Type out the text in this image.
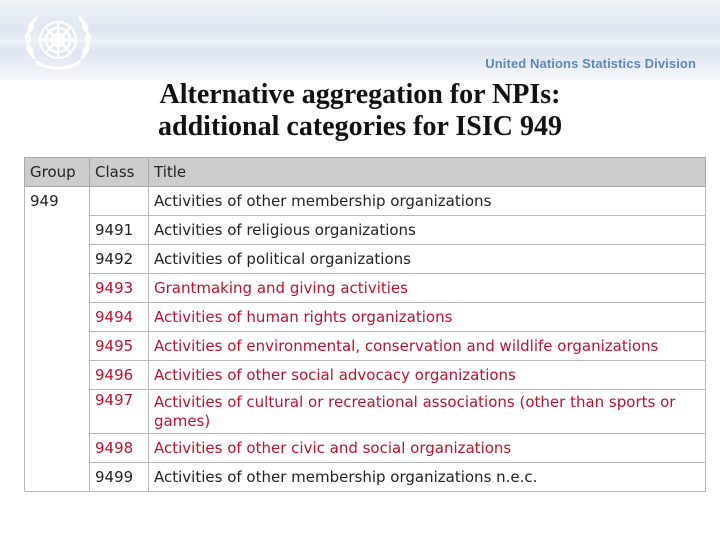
United Nations Statistics Division
Alternative aggregation for NPIs:
additional categories for ISIC 949
Group	Class	Title
949		Activities of other membership organizations
	9491	Activities of religious organizations
	9492	Activities of political organizations
	9493	Grantmaking and giving activities
	9494	Activities of human rights organizations
	9495	Activities of environmental, conservation and wildlife organizations
	9496	Activities of other social advocacy organizations
	9497	Activities of cultural or recreational associations (other than sports or games)
	9498	Activities of other civic and social organizations
	9499	Activities of other membership organizations n.e.c.
